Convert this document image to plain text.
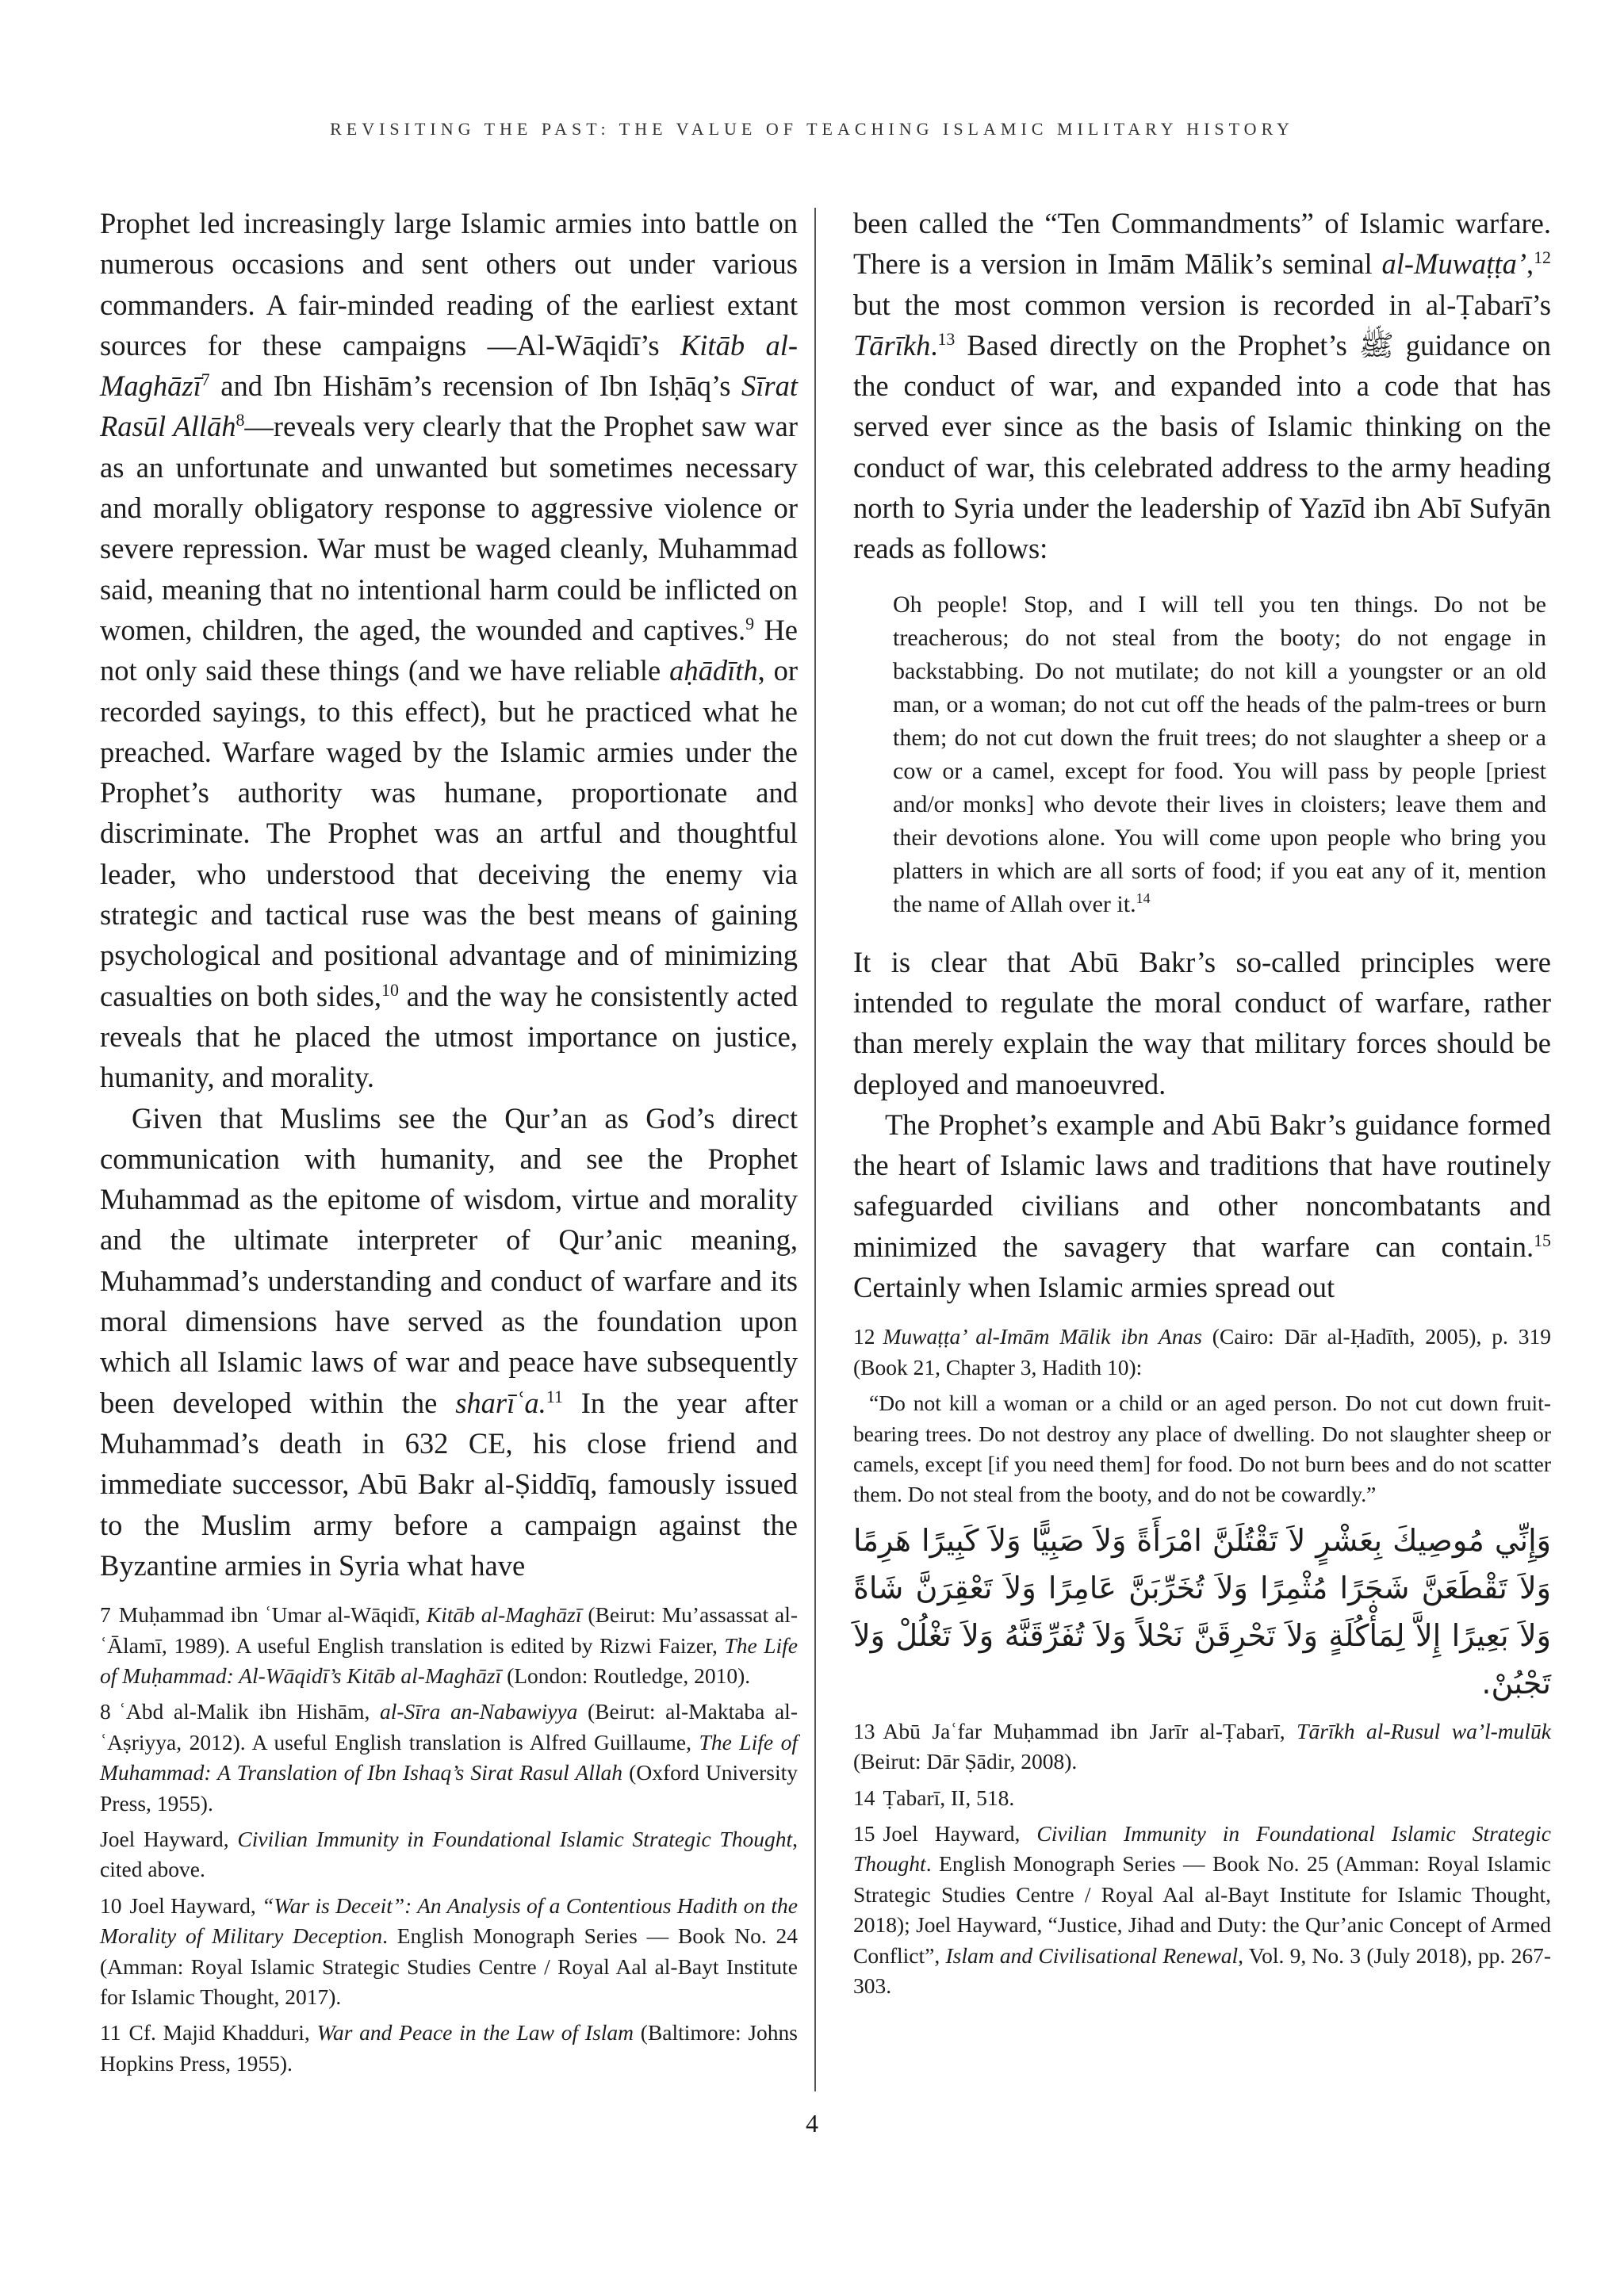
REVISITING THE PAST: THE VALUE OF TEACHING ISLAMIC MILITARY HISTORY

Prophet led increasingly large Islamic armies into battle on numerous occasions and sent others out under various commanders. A fair-minded reading of the earliest extant sources for these campaigns —Al-Wāqidī’s Kitāb al-Maghāzī$^7$ and Ibn Hishām’s recension of Ibn Isḥāq’s Sīrat Rasūl Allāh$^8$—reveals very clearly that the Prophet saw war as an unfortunate and unwanted but sometimes necessary and morally obligatory response to aggressive violence or severe repression. War must be waged cleanly, Muhammad said, meaning that no intentional harm could be inflicted on women, children, the aged, the wounded and captives.$^9$ He not only said these things (and we have reliable aḥādīth, or recorded sayings, to this effect), but he practiced what he preached. Warfare waged by the Islamic armies under the Prophet’s authority was humane, proportionate and discriminate. The Prophet was an artful and thoughtful leader, who understood that deceiving the enemy via strategic and tactical ruse was the best means of gaining psychological and positional advantage and of minimizing casualties on both sides,$^{10}$ and the way he consistently acted reveals that he placed the utmost importance on justice, humanity, and morality.

Given that Muslims see the Qur’an as God’s direct communication with humanity, and see the Prophet Muhammad as the epitome of wisdom, virtue and morality and the ultimate interpreter of Qur’anic meaning, Muhammad’s understanding and conduct of warfare and its moral dimensions have served as the foundation upon which all Islamic laws of war and peace have subsequently been developed within the sharīʿa.$^{11}$ In the year after Muhammad’s death in 632 CE, his close friend and immediate successor, Abū Bakr al-Ṣiddīq, famously issued to the Muslim army before a campaign against the Byzantine armies in Syria what have

7 Muḥammad ibn ʿUmar al-Wāqidī, Kitāb al-Maghāzī (Beirut: Mu’assassat al-ʿĀlamī, 1989). A useful English translation is edited by Rizwi Faizer, The Life of Muḥammad: Al-Wāqidī’s Kitāb al-Maghāzī (London: Routledge, 2010).

8 ʿAbd al-Malik ibn Hishām, al-Sīra an-Nabawiyya (Beirut: al-Maktaba al-ʿAṣriyya, 2012). A useful English translation is Alfred Guillaume, The Life of Muhammad: A Translation of Ibn Ishaq’s Sirat Rasul Allah (Oxford University Press, 1955).

Joel Hayward, Civilian Immunity in Foundational Islamic Strategic Thought, cited above.

10 Joel Hayward, “War is Deceit”: An Analysis of a Contentious Hadith on the Morality of Military Deception. English Monograph Series — Book No. 24 (Amman: Royal Islamic Strategic Studies Centre / Royal Aal al-Bayt Institute for Islamic Thought, 2017).

11 Cf. Majid Khadduri, War and Peace in the Law of Islam (Baltimore: Johns Hopkins Press, 1955).

been called the “Ten Commandments” of Islamic warfare. There is a version in Imām Mālik’s seminal al-Muwaṭṭa’,$^{12}$ but the most common version is recorded in al-Ṭabarī’s Tārīkh.$^{13}$ Based directly on the Prophet’s ﷺ guidance on the conduct of war, and expanded into a code that has served ever since as the basis of Islamic thinking on the conduct of war, this celebrated address to the army heading north to Syria under the leadership of Yazīd ibn Abī Sufyān reads as follows:

Oh people! Stop, and I will tell you ten things. Do not be treacherous; do not steal from the booty; do not engage in backstabbing. Do not mutilate; do not kill a youngster or an old man, or a woman; do not cut off the heads of the palm-trees or burn them; do not cut down the fruit trees; do not slaughter a sheep or a cow or a camel, except for food. You will pass by people [priest and/or monks] who devote their lives in cloisters; leave them and their devotions alone. You will come upon people who bring you platters in which are all sorts of food; if you eat any of it, mention the name of Allah over it.$^{14}$

It is clear that Abū Bakr’s so-called principles were intended to regulate the moral conduct of warfare, rather than merely explain the way that military forces should be deployed and manoeuvred.

The Prophet’s example and Abū Bakr’s guidance formed the heart of Islamic laws and traditions that have routinely safeguarded civilians and other noncombatants and minimized the savagery that warfare can contain.$^{15}$ Certainly when Islamic armies spread out

12 Muwaṭṭa’ al-Imām Mālik ibn Anas (Cairo: Dār al-Ḥadīth, 2005), p. 319 (Book 21, Chapter 3, Hadith 10):

“Do not kill a woman or a child or an aged person. Do not cut down fruit-bearing trees. Do not destroy any place of dwelling. Do not slaughter sheep or camels, except [if you need them] for food. Do not burn bees and do not scatter them. Do not steal from the booty, and do not be cowardly.”

وَإِنِّي مُوصِيكَ بِعَشْرٍ لاَ تَقْتُلَنَّ امْرَأَةً وَلاَ صَبِيًّا وَلاَ كَبِيرًا هَرِمًا وَلاَ تَقْطَعَنَّ شَجَرًا مُثْمِرًا وَلاَ تُخَرِّبَنَّ عَامِرًا وَلاَ تَعْقِرَنَّ شَاةً وَلاَ بَعِيرًا إِلاَّ لِمَأْكُلَةٍ وَلاَ تَحْرِقَنَّ نَحْلاً وَلاَ تُفَرِّقَنَّهُ وَلاَ تَغْلُلْ وَلاَ تَجْبُنْ.

13 Abū Jaʿfar Muḥammad ibn Jarīr al-Ṭabarī, Tārīkh al-Rusul wa’l-mulūk (Beirut: Dār Ṣādir, 2008).

14 Ṭabarī, II, 518.

15 Joel Hayward, Civilian Immunity in Foundational Islamic Strategic Thought. English Monograph Series — Book No. 25 (Amman: Royal Islamic Strategic Studies Centre / Royal Aal al-Bayt Institute for Islamic Thought, 2018); Joel Hayward, “Justice, Jihad and Duty: the Qur’anic Concept of Armed Conflict”, Islam and Civilisational Renewal, Vol. 9, No. 3 (July 2018), pp. 267-303.

4
